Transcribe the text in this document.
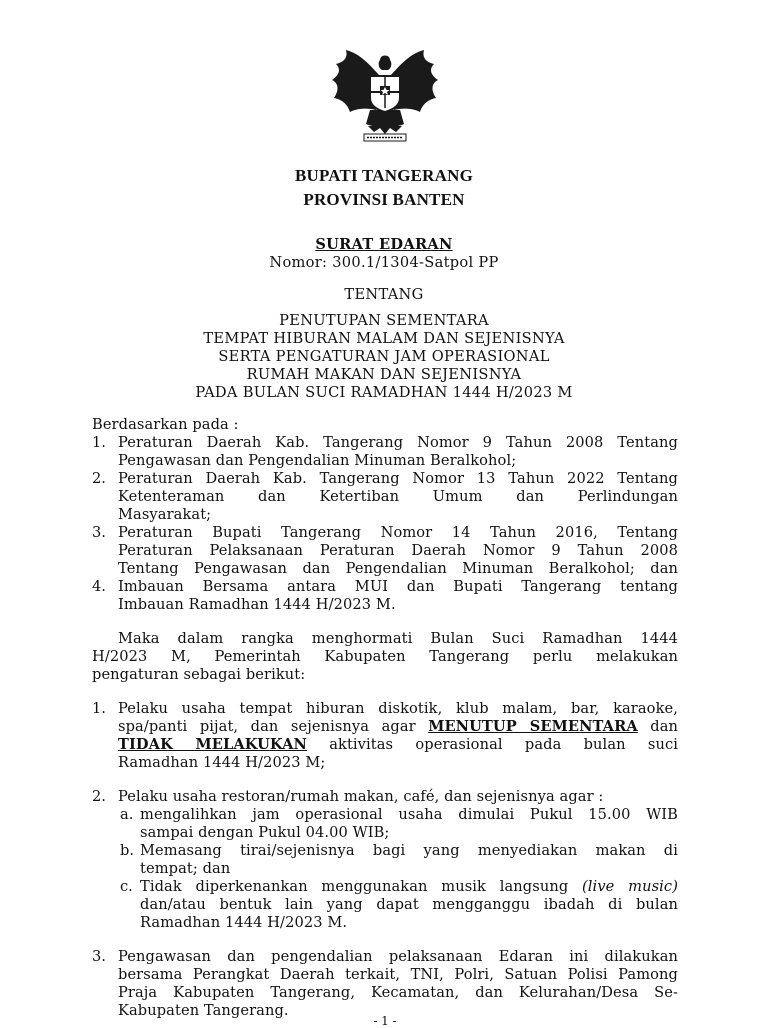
BUPATI TANGERANG
PROVINSI BANTEN
SURAT EDARAN
Nomor: 300.1/1304-Satpol PP
TENTANG
PENUTUPAN SEMENTARA
TEMPAT HIBURAN MALAM DAN SEJENISNYA
SERTA PENGATURAN JAM OPERASIONAL
RUMAH MAKAN DAN SEJENISNYA
PADA BULAN SUCI RAMADHAN 1444 H/2023 M
Berdasarkan pada :
1. Peraturan Daerah Kab. Tangerang Nomor 9 Tahun 2008 Tentang
Pengawasan dan Pengendalian Minuman Beralkohol;
2. Peraturan Daerah Kab. Tangerang Nomor 13 Tahun 2022 Tentang
Ketenteraman dan Ketertiban Umum dan Perlindungan
Masyarakat;
3. Peraturan Bupati Tangerang Nomor 14 Tahun 2016, Tentang
Peraturan Pelaksanaan Peraturan Daerah Nomor 9 Tahun 2008
Tentang Pengawasan dan Pengendalian Minuman Beralkohol; dan
4. Imbauan Bersama antara MUI dan Bupati Tangerang tentang
Imbauan Ramadhan 1444 H/2023 M.
Maka dalam rangka menghormati Bulan Suci Ramadhan 1444
H/2023 M, Pemerintah Kabupaten Tangerang perlu melakukan
pengaturan sebagai berikut:
1. Pelaku usaha tempat hiburan diskotik, klub malam, bar, karaoke,
spa/panti pijat, dan sejenisnya agar MENUTUP SEMENTARA dan
TIDAK MELAKUKAN aktivitas operasional pada bulan suci
Ramadhan 1444 H/2023 M;
2. Pelaku usaha restoran/rumah makan, café, dan sejenisnya agar :
a. mengalihkan jam operasional usaha dimulai Pukul 15.00 WIB
sampai dengan Pukul 04.00 WIB;
b. Memasang tirai/sejenisnya bagi yang menyediakan makan di
tempat; dan
c. Tidak diperkenankan menggunakan musik langsung (live music)
dan/atau bentuk lain yang dapat mengganggu ibadah di bulan
Ramadhan 1444 H/2023 M.
3. Pengawasan dan pengendalian pelaksanaan Edaran ini dilakukan
bersama Perangkat Daerah terkait, TNI, Polri, Satuan Polisi Pamong
Praja Kabupaten Tangerang, Kecamatan, dan Kelurahan/Desa Se-
Kabupaten Tangerang.
- 1 -
